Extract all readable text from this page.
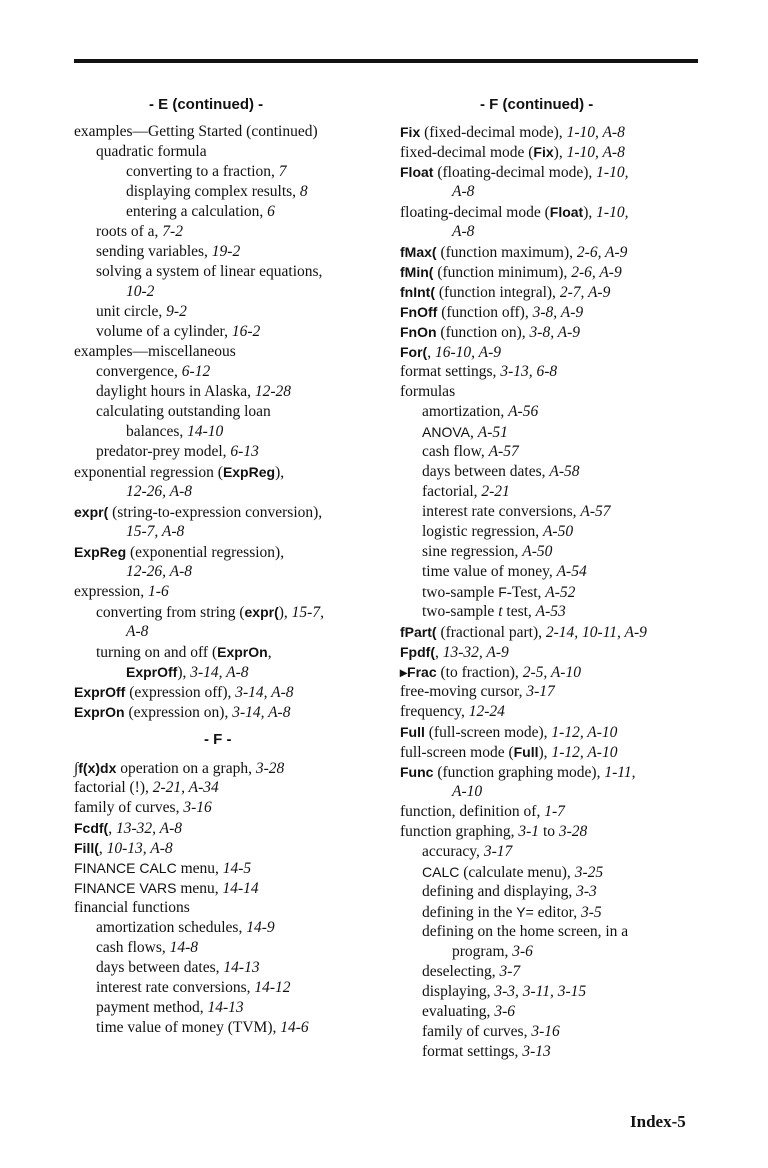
- E (continued) -
examples—Getting Started (continued)
quadratic formula
converting to a fraction, 7
displaying complex results, 8
entering a calculation, 6
roots of a, 7-2
sending variables, 19-2
solving a system of linear equations,
10-2
unit circle, 9-2
volume of a cylinder, 16-2
examples—miscellaneous
convergence, 6-12
daylight hours in Alaska, 12-28
calculating outstanding loan
balances, 14-10
predator-prey model, 6-13
exponential regression (ExpReg),
12-26, A-8
expr( (string-to-expression conversion),
15-7, A-8
ExpReg (exponential regression),
12-26, A-8
expression, 1-6
converting from string (expr(), 15-7,
A-8
turning on and off (ExprOn,
ExprOff), 3-14, A-8
ExprOff (expression off), 3-14, A-8
ExprOn (expression on), 3-14, A-8
- F -
∫f(x)dx operation on a graph, 3-28
factorial (!), 2-21, A-34
family of curves, 3-16
Fcdf(, 13-32, A-8
Fill(, 10-13, A-8
FINANCE CALC menu, 14-5
FINANCE VARS menu, 14-14
financial functions
amortization schedules, 14-9
cash flows, 14-8
days between dates, 14-13
interest rate conversions, 14-12
payment method, 14-13
time value of money (TVM), 14-6
- F (continued) -
Fix (fixed-decimal mode), 1-10, A-8
fixed-decimal mode (Fix), 1-10, A-8
Float (floating-decimal mode), 1-10,
A-8
floating-decimal mode (Float), 1-10,
A-8
fMax( (function maximum), 2-6, A-9
fMin( (function minimum), 2-6, A-9
fnInt( (function integral), 2-7, A-9
FnOff (function off), 3-8, A-9
FnOn (function on), 3-8, A-9
For(, 16-10, A-9
format settings, 3-13, 6-8
formulas
amortization, A-56
ANOVA, A-51
cash flow, A-57
days between dates, A-58
factorial, 2-21
interest rate conversions, A-57
logistic regression, A-50
sine regression, A-50
time value of money, A-54
two-sample F-Test, A-52
two-sample t test, A-53
fPart( (fractional part), 2-14, 10-11, A-9
Fpdf(, 13-32, A-9
▸Frac (to fraction), 2-5, A-10
free-moving cursor, 3-17
frequency, 12-24
Full (full-screen mode), 1-12, A-10
full-screen mode (Full), 1-12, A-10
Func (function graphing mode), 1-11,
A-10
function, definition of, 1-7
function graphing, 3-1 to 3-28
accuracy, 3-17
CALC (calculate menu), 3-25
defining and displaying, 3-3
defining in the Y= editor, 3-5
defining on the home screen, in a
program, 3-6
deselecting, 3-7
displaying, 3-3, 3-11, 3-15
evaluating, 3-6
family of curves, 3-16
format settings, 3-13
Index-5
